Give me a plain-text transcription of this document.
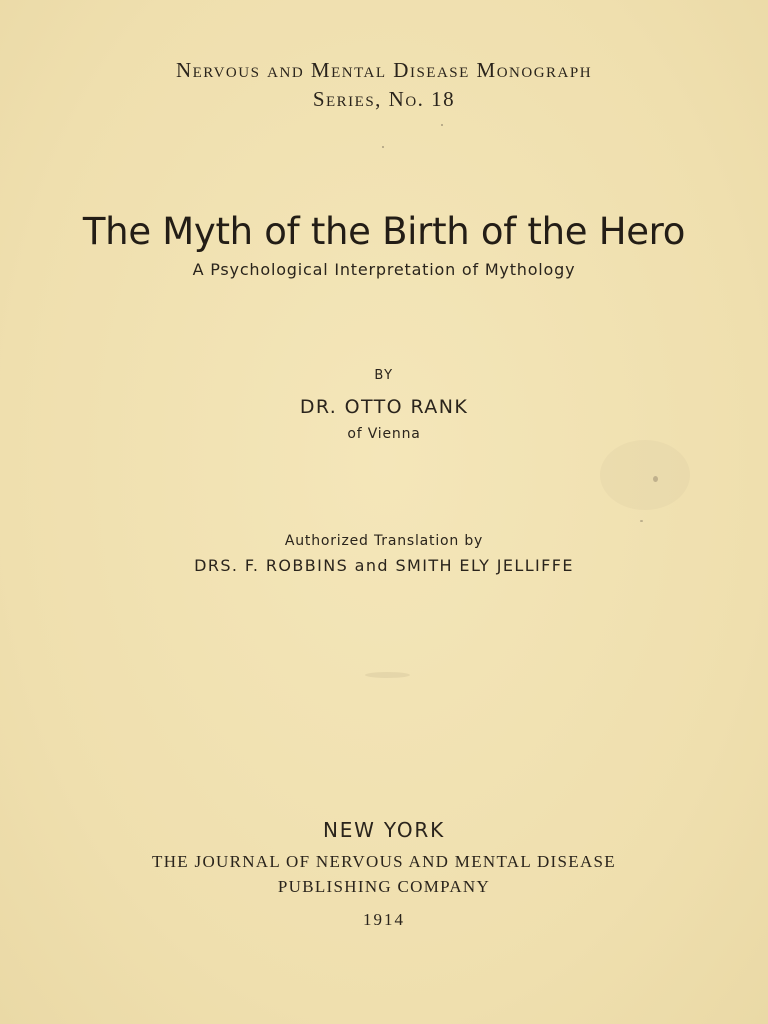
Nervous and Mental Disease Monograph
Series, No. 18
The Myth of the Birth of the Hero
A Psychological Interpretation of Mythology
BY
DR. OTTO RANK
of Vienna
Authorized Translation by
DRS. F. ROBBINS and SMITH ELY JELLIFFE
NEW YORK
THE JOURNAL OF NERVOUS AND MENTAL DISEASE
PUBLISHING COMPANY
1914
